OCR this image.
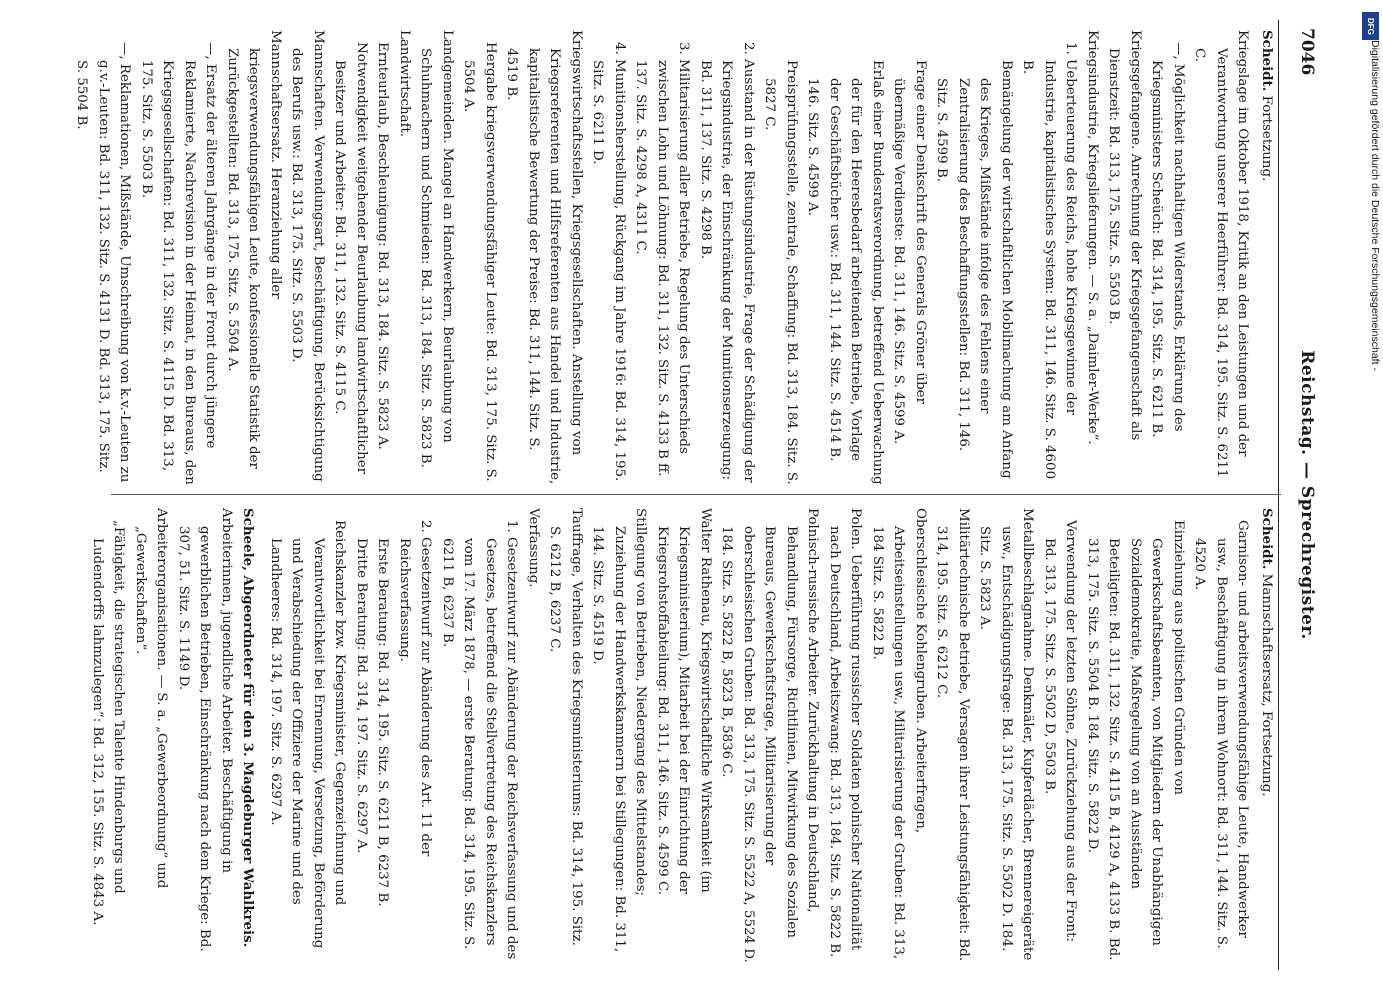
7046
Reichstag. — Sprechregister.

Scheidt. Fortsetzung.

Kriegslage im Oktober 1918, Kritik an den Leistungen und der Verantwortung unserer Heerführer: Bd. 314, 195. Sitz. S. 6211 C.

—, Möglichkeit nachhaltigen Widerstands, Erklärung des Kriegsministers Scheüch: Bd. 314, 195. Sitz. S. 6211 B.

Kriegsgefangene. Anrechnung der Kriegsgefangenschaft als Dienstzeit: Bd. 313, 175. Sitz. S. 5503 B.

Kriegsindustrie, Kriegslieferungen. — S. a. „Daimler-Werke“.

1. Ueberteuerung des Reichs, hohe Kriegsgewinne der Industrie, kapitalistisches System: Bd. 311, 146. Sitz. S. 4600 B.

Bemängelung der wirtschaftlichen Mobilmachung am Anfang des Krieges, Mißstände infolge des Fehlens einer Zentralisierung des Beschaffungsstellen: Bd. 311, 146. Sitz. S. 4599 B.

Frage einer Denkschrift des Generals Gröner über übermäßige Verdienste: Bd. 311, 146. Sitz. S. 4599 A.

Erlaß einer Bundesratsverordnung, betreffend Ueberwachung der für den Heeresbedarf arbeitenden Betriebe, Vorlage der Geschäftsbücher usw.: Bd. 311, 144. Sitz. S. 4514 B. 146. Sitz. S. 4599 A.

Preisprüfungsstelle, zentrale, Schaffung: Bd. 313, 184. Sitz. S. 5827 C.

2. Ausstand in der Rüstungsindustrie, Frage der Schädigung der Kriegsindustrie, der Einschränkung der Munitionserzeugung: Bd. 311, 137. Sitz. S. 4298 B.

3. Militarisierung aller Betriebe, Regelung des Unterschieds zwischen Lohn und Löhnung: Bd. 311, 132. Sitz. S. 4133 B ff. 137. Sitz. S. 4298 A, 4311 C.

4. Munitionsherstellung, Rückgang im Jahre 1916: Bd. 314, 195. Sitz. S. 6211 D.

Kriegswirtschaftsstellen, Kriegsgesellschaften. Anstellung von Kriegsreferenten und Hilfsreferenten aus Handel und Industrie, kapitalistische Bewertung der Preise: Bd. 311, 144. Sitz. S. 4519 B.

Hergabe kriegsverwendungsfähiger Leute: Bd. 313, 175. Sitz. S. 5504 A.

Landgemeinden. Mangel an Handwerkern, Beurlaubung von Schuhmachern und Schmieden: Bd. 313, 184. Sitz. S. 5823 B.

Landwirtschaft.

Ernteurlaub, Beschleunigung: Bd. 313, 184. Sitz. S. 5823 A.

Notwendigkeit weitgehender Beurlaubung landwirtschaftlicher Besitzer und Arbeiter: Bd. 311, 132. Sitz. S. 4115 C.

Mannschaften. Verwendungsart, Beschäftigung, Berücksichtigung des Berufs usw.: Bd. 313, 175. Sitz. S. 5503 D.

Mannschaftsersatz. Heranziehung aller kriegsverwendungsfähigen Leute, konfessionelle Statistik der Zurückgestellten: Bd. 313, 175. Sitz. S. 5504 A.

—, Ersatz der älteren Jahrgänge in der Front durch jüngere Reklamierte, Nachrevision in der Heimat, in den Bureaus, den Kriegsgesellschaften: Bd. 311, 132. Sitz. S. 4115 D. Bd. 313, 175. Sitz. S. 5503 B.

—, Reklamationen, Mißstände, Umschreibung von k.v.-Leuten zu g.v.-Leuten: Bd. 311, 132. Sitz. S. 4131 D. Bd. 313, 175. Sitz. S. 5504 B.

Scheidt. Mannschaftsersatz, Fortsetzung.

Garnison- und arbeitsverwendungsfähige Leute, Handwerker usw., Beschäftigung in ihrem Wohnort: Bd. 311, 144. Sitz. S. 4520 A.

Einziehung aus politischen Gründen von Gewerkschaftsbeamten, von Mitgliedern der Unabhängigen Sozialdemokratie, Maßregelung von an Ausständen Beteiligten: Bd. 311, 132. Sitz. S. 4115 B, 4129 A, 4133 B. Bd. 313, 175. Sitz. S. 5504 B. 184. Sitz. S. 5822 D.

Verwendung der letzten Söhne, Zurückziehung aus der Front: Bd. 313, 175. Sitz. S. 5502 D, 5503 B.

Metallbeschlagnahme. Denkmäler, Kupferdächer, Brennereigeräte usw., Entschädigungsfrage: Bd. 313, 175. Sitz. S. 5502 D. 184. Sitz. S. 5823 A.

Militärtechnische Betriebe, Versagen ihrer Leistungsfähigkeit: Bd. 314, 195. Sitz. S. 6212 C.

Oberschlesische Kohlengruben. Arbeiterfragen, Arbeitseinstellungen usw., Militarisierung der Gruben: Bd. 313, 184 Sitz. S. 5822 B.

Polen. Ueberführung russischer Soldaten polnischer Nationalität nach Deutschland, Arbeitszwang: Bd. 313, 184. Sitz. S. 5822 B.

Polnisch-russische Arbeiter. Zurückhaltung in Deutschland, Behandlung, Fürsorge, Richtlinien, Mitwirkung des Sozialen Bureaus, Gewerkschaftsfrage, Militarisierung der oberschlesischen Gruben: Bd. 313, 175. Sitz. S. 5522 A, 5524 D. 184. Sitz. S. 5822 B, 5823 B, 5836 C.

Walter Rathenau, Kriegswirtschaftliche Wirksamkeit (im Kriegsministerium), Mitarbeit bei der Einrichtung der Kriegsrohstoffabteilung: Bd. 311, 146. Sitz. S. 4599 C.

Stillegung von Betrieben, Niedergang des Mittelstandes; Zuziehung der Handwerkskammern bei Stillegungen: Bd. 311, 144. Sitz. S. 4519 D.

Tauffrage, Verhalten des Kriegsministeriums: Bd. 314, 195. Sitz. S. 6212 B, 6237 C.

Verfassung.

1. Gesetzentwurf zur Abänderung der Reichsverfassung und des Gesetzes, betreffend die Stellvertretung des Reichskanzlers vom 17. März 1878, — erste Beratung: Bd. 314, 195. Sitz. S. 6211 B, 6237 B.

2. Gesetzentwurf zur Abänderung des Art. 11 der Reichsverfassung.

Erste Beratung: Bd. 314, 195. Sitz. S. 6211 B, 6237 B.

Dritte Beratung: Bd. 314, 197. Sitz. S. 6297 A.

Reichskanzler bzw. Kriegsminister, Gegenzeichnung und Verantwortlichkeit bei Ernennung, Versetzung, Beförderung und Verabschiedung der Offiziere der Marine und des Landheeres: Bd. 314, 197. Sitz. S. 6297 A.

Scheele, Abgeordneter für den 3. Magdeburger Wahlkreis.

Arbeiterinnen, jugendliche Arbeiter. Beschäftigung in gewerblichen Betrieben, Einschränkung nach dem Kriege: Bd. 307, 51. Sitz. S. 1149 D.

Arbeiterorganisationen. — S. a. „Gewerbeordnung“ und „Gewerkschaften“.

„Fähigkeit, die strategischen Talente Hindenburgs und Ludendorffs lahmzulegen“: Bd. 312, 155. Sitz. S. 4843 A.

DFG
Digitalisierung gefördert durch die Deutsche Forschungsgemeinschaft -
